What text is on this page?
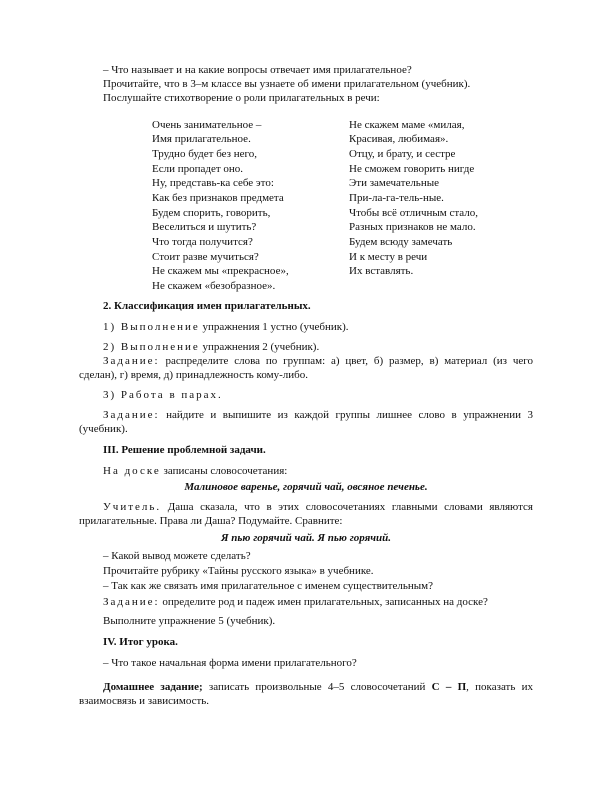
– Что называет и на какие вопросы отвечает имя прилагательное?
Прочитайте, что в 3–м классе вы узнаете об имени прилагательном (учебник).
Послушайте стихотворение о роли прилагательных в речи:
Очень занимательное –
Имя прилагательное.
Трудно будет без него,
Если пропадет оно.
Ну, представь-ка себе это:
Как без признаков предмета
Будем спорить, говорить,
Веселиться и шутить?
Что тогда получится?
Стоит разве мучиться?
Не скажем мы «прекрасное»,
Не скажем «безобразное».
Не скажем маме «милая,
Красивая, любимая».
Отцу, и брату, и сестре
Не сможем говорить нигде
Эти замечательные
При-ла-га-тель-ные.
Чтобы всё отличным стало,
Разных признаков не мало.
Будем всюду замечать
И к месту в речи
Их вставлять.
2. Классификация имен прилагательных.
1) Выполнение упражнения 1 устно (учебник).
2) Выполнение упражнения 2 (учебник).
Задание: распределите слова по группам: а) цвет, б) размер, в) материал (из чего
сделан), г) время, д) принадлежность кому-либо.
3) Работа в парах.
Задание: найдите и выпишите из каждой группы лишнее слово в упражнении 3
(учебник).
III. Решение проблемной задачи.
На доске записаны словосочетания:
Малиновое варенье, горячий чай, овсяное печенье.
Учитель. Даша сказала, что в этих словосочетаниях главными словами являются
прилагательные. Права ли Даша? Подумайте. Сравните:
Я пью горячий чай. Я пью горячий.
– Какой вывод можете сделать?
Прочитайте рубрику «Тайны русского языка» в учебнике.
– Так как же связать имя прилагательное с именем существительным?
Задание: определите род и падеж имен прилагательных, записанных на доске?
Выполните упражнение 5 (учебник).
IV. Итог урока.
– Что такое начальная форма имени прилагательного?
Домашнее задание; записать произвольные 4–5 словосочетаний С – П, показать их
взаимосвязь и зависимость.
